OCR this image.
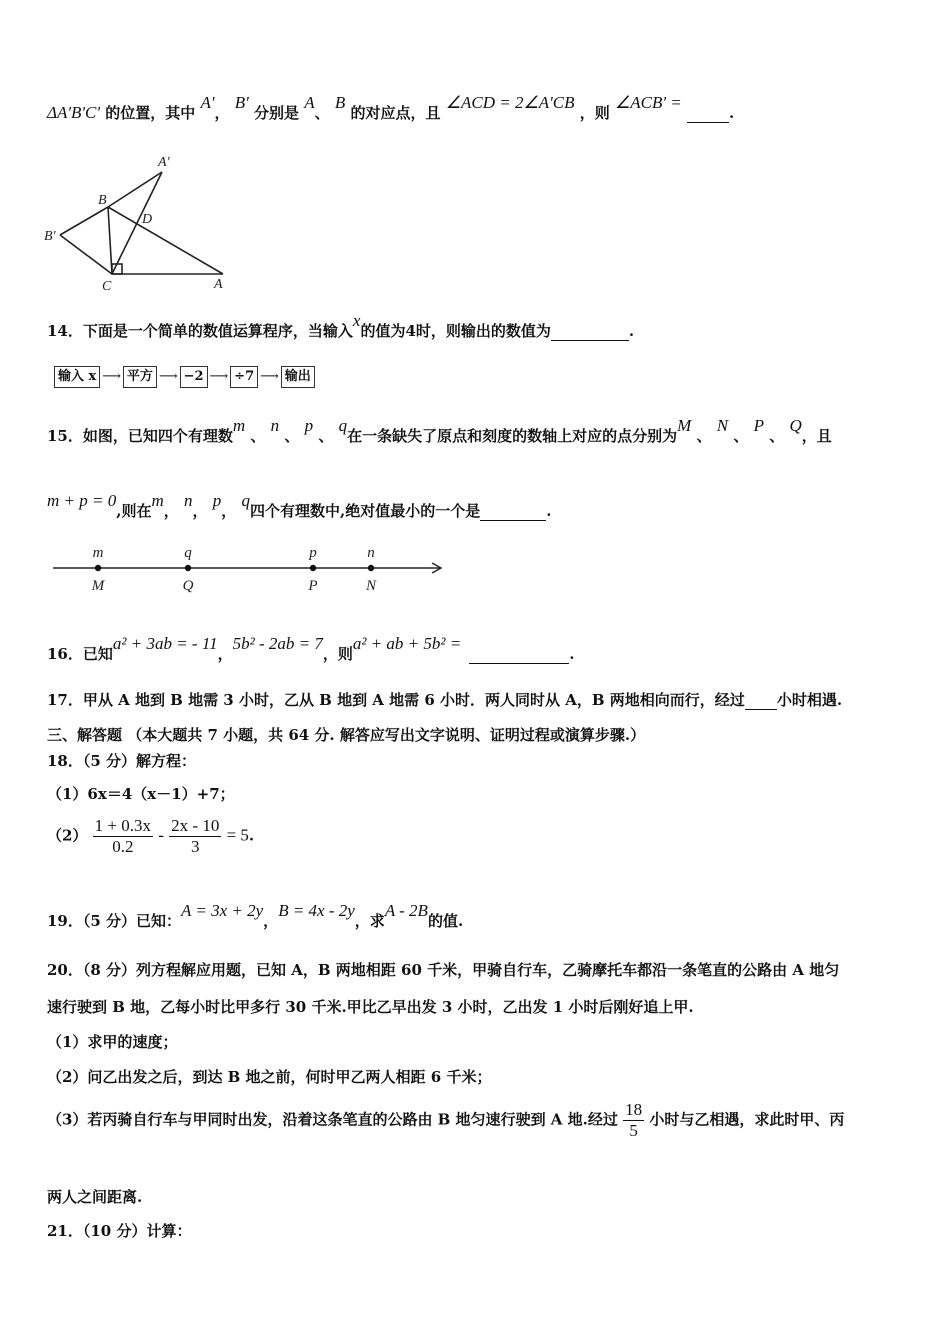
ΔA'B'C' 的位置，其中 A'， B' 分别是 A、 B 的对应点，且 ∠ACD = 2∠A'CB ，则 ∠ACB' = .
A'
B
D
B'
C	A
14．下面是一个简单的数值运算程序，当输入x的值为4时，则输出的数值为	.
输入 x ⟶ 平方 ⟶ −2 ⟶ ÷7 ⟶ 输出
15．如图，已知四个有理数m 、 n 、 p 、 q在一条缺失了原点和刻度的数轴上对应的点分别为M 、 N 、 P 、 Q，且
m + p = 0,则在m， n， p， q四个有理数中,绝对值最小的一个是	.
m
M
q
Q
p
P
n
N
16．已知a² + 3ab = - 11，5b² - 2ab = 7，则a² + ab + 5b² =.
17．甲从 A 地到 B 地需 3 小时，乙从 B 地到 A 地需 6 小时．两人同时从 A，B 两地相向而行，经过 小时相遇.
三、解答题 （本大题共 7 小题，共 64 分. 解答应写出文字说明、证明过程或演算步骤.）
18．（5 分）解方程：
（1）6x＝4（x－1）+7；
$(2) \frac{1 + 0.3x}{0.2} - \frac{2x - 10}{3} = 5$.
19．（5 分）已知：A = 3x + 2y，B = 4x - 2y，求A - 2B的值.
20．（8 分）列方程解应用题，已知 A，B 两地相距 60 千米，甲骑自行车，乙骑摩托车都沿一条笔直的公路由 A 地匀
速行驶到 B 地，乙每小时比甲多行 30 千米.甲比乙早出发 3 小时，乙出发 1 小时后刚好追上甲.
（1）求甲的速度；
（2）问乙出发之后，到达 B 地之前，何时甲乙两人相距 6 千米；
（3）若丙骑自行车与甲同时出发，沿着这条笔直的公路由 B 地匀速行驶到 A 地.经过 $\frac{18}{5}$ 小时与乙相遇，求此时甲、丙
两人之间距离.
21．（10 分）计算：
